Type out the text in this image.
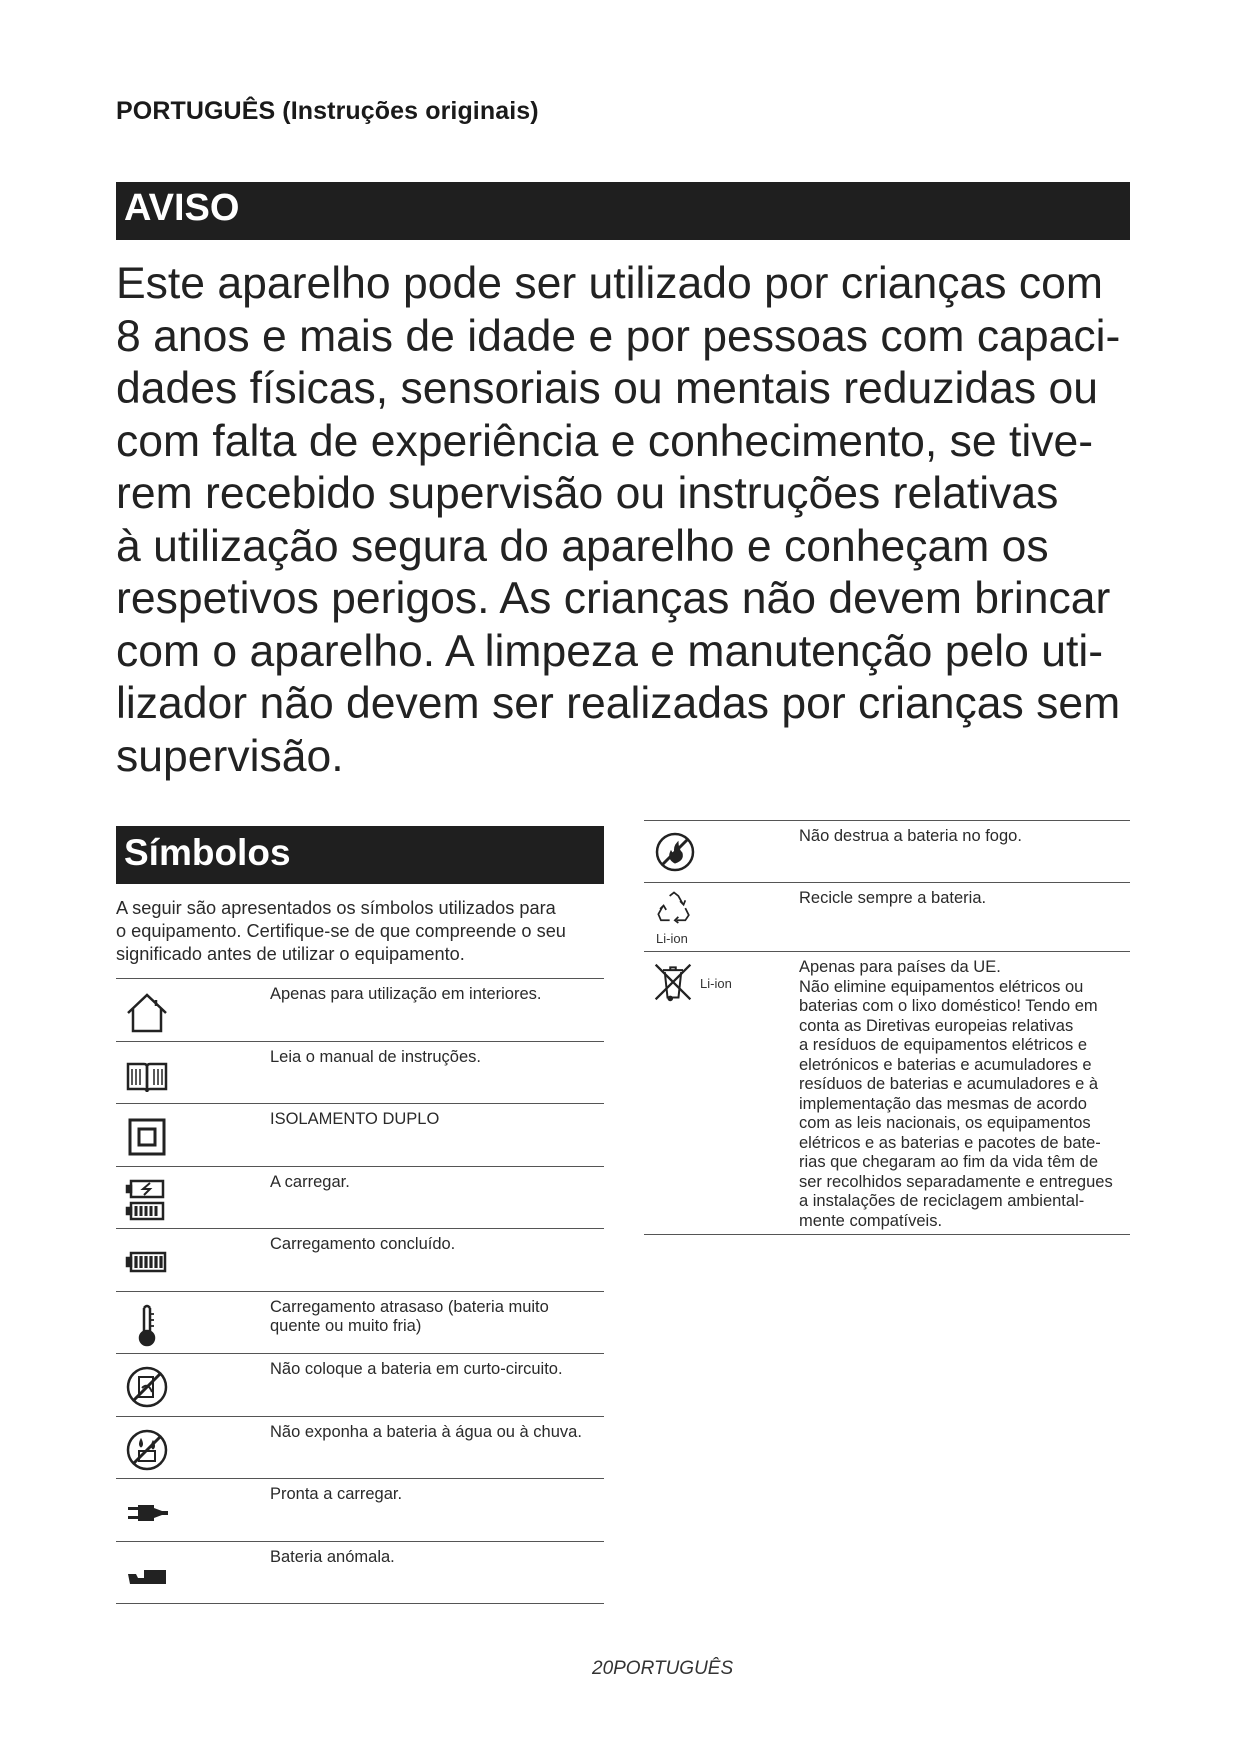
PORTUGUÊS (Instruções originais)
AVISO
Este aparelho pode ser utilizado por crianças com
8 anos e mais de idade e por pessoas com capaci-
dades físicas, sensoriais ou mentais reduzidas ou
com falta de experiência e conhecimento, se tive-
rem recebido supervisão ou instruções relativas
à utilização segura do aparelho e conheçam os
respetivos perigos. As crianças não devem brincar
com o aparelho. A limpeza e manutenção pelo uti-
lizador não devem ser realizadas por crianças sem
supervisão.
Símbolos
A seguir são apresentados os símbolos utilizados para
o equipamento. Certifique-se de que compreende o seu
significado antes de utilizar o equipamento.
Apenas para utilização em interiores.
Leia o manual de instruções.
ISOLAMENTO DUPLO
A carregar.
Carregamento concluído.
Carregamento atrasaso (bateria muito
quente ou muito fria)
Não coloque a bateria em curto-circuito.
Não exponha a bateria à água ou à chuva.
Pronta a carregar.
Bateria anómala.
Não destrua a bateria no fogo.
Li-ion
Recicle sempre a bateria.
Li-ion
Apenas para países da UE.
Não elimine equipamentos elétricos ou
baterias com o lixo doméstico! Tendo em
conta as Diretivas europeias relativas
a resíduos de equipamentos elétricos e
eletrónicos e baterias e acumuladores e
resíduos de baterias e acumuladores e à
implementação das mesmas de acordo
com as leis nacionais, os equipamentos
elétricos e as baterias e pacotes de bate-
rias que chegaram ao fim da vida têm de
ser recolhidos separadamente e entregues
a instalações de reciclagem ambiental-
mente compatíveis.
20PORTUGUÊS
